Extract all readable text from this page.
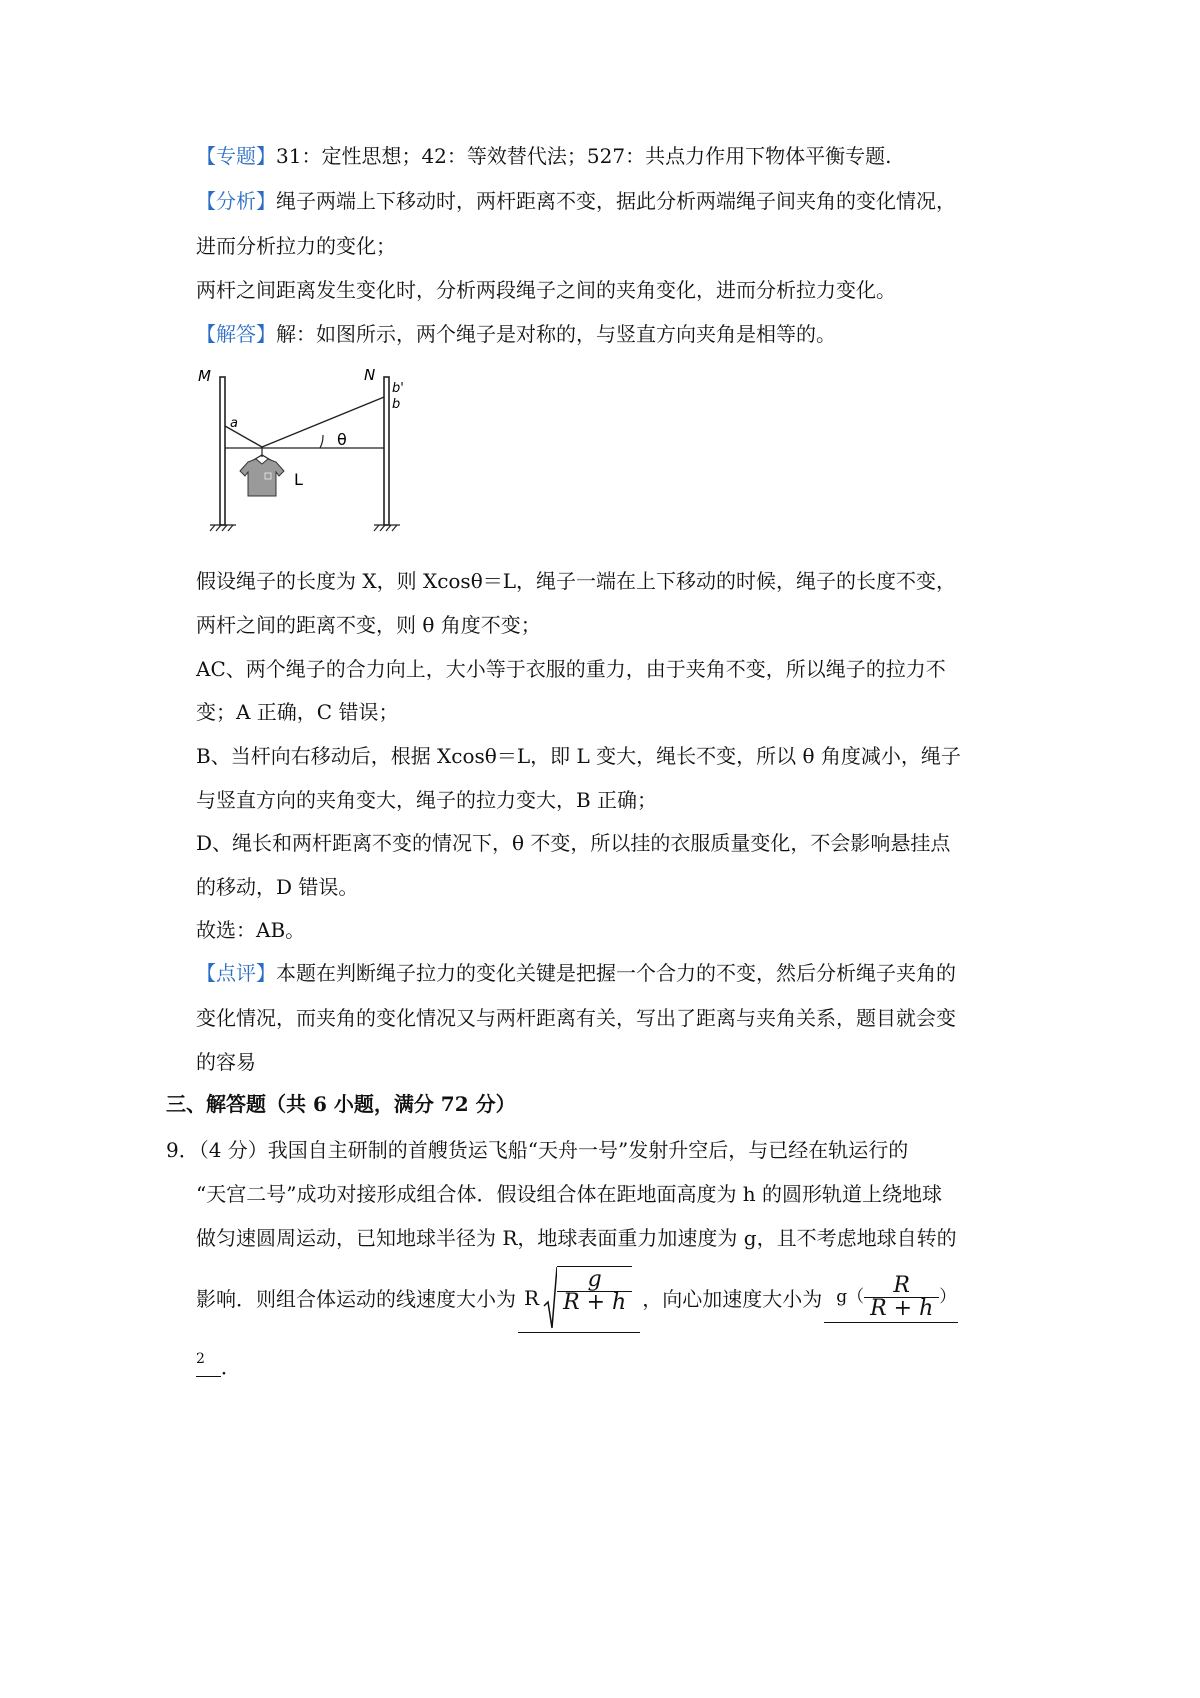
【专题】31：定性思想；42：等效替代法；527：共点力作用下物体平衡专题.
【分析】绳子两端上下移动时，两杆距离不变，据此分析两端绳子间夹角的变化情况，
进而分析拉力的变化；
两杆之间距离发生变化时，分析两段绳子之间的夹角变化，进而分析拉力变化。
【解答】解：如图所示，两个绳子是对称的，与竖直方向夹角是相等的。
M	N
b'
b
a
θ
L
假设绳子的长度为 X，则 Xcosθ＝L，绳子一端在上下移动的时候，绳子的长度不变，
两杆之间的距离不变，则 θ 角度不变；
AC、两个绳子的合力向上，大小等于衣服的重力，由于夹角不变，所以绳子的拉力不
变；A 正确，C 错误；
B、当杆向右移动后，根据 Xcosθ＝L，即 L 变大，绳长不变，所以 θ 角度减小，绳子
与竖直方向的夹角变大，绳子的拉力变大，B 正确；
D、绳长和两杆距离不变的情况下，θ 不变，所以挂的衣服质量变化，不会影响悬挂点
的移动，D 错误。
故选：AB。
【点评】本题在判断绳子拉力的变化关键是把握一个合力的不变，然后分析绳子夹角的
变化情况，而夹角的变化情况又与两杆距离有关，写出了距离与夹角关系，题目就会变
的容易
三、解答题（共 6 小题，满分 72 分）
9．（4 分）我国自主研制的首艘货运飞船“天舟一号”发射升空后，与已经在轨运行的
“天宫二号”成功对接形成组合体．假设组合体在距地面高度为 h 的圆形轨道上绕地球
做匀速圆周运动，已知地球半径为 R，地球表面重力加速度为 g，且不考虑地球自转的
影响．则组合体运动的线速度大小为 R $\frac{g}{R + h}$ ，向心加速度大小为 $g( \frac{R}{R + h}$ ）
2 ．
